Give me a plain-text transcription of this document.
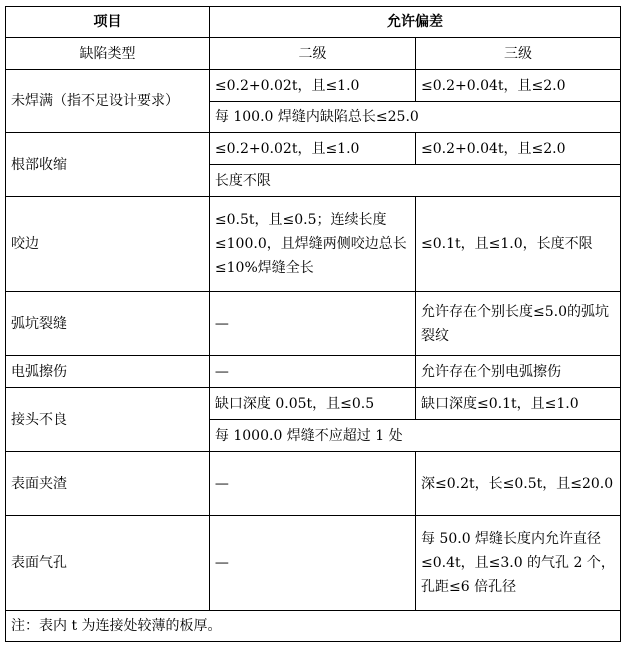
项目	允许偏差	
缺陷类型	二级	三级
未焊满（指不足设计要求）	≤0.2+0.02t，且≤1.0	≤0.2+0.04t，且≤2.0
	每 100.0 焊缝内缺陷总长≤25.0	
根部收缩	≤0.2+0.02t，且≤1.0	≤0.2+0.04t，且≤2.0
	长度不限	
咬边	≤0.5t，且≤0.5；连续长度≤100.0，且焊缝两侧咬边总长≤10%焊缝全长	≤0.1t，且≤1.0，长度不限
弧坑裂缝	—	允许存在个别长度≤5.0的弧坑裂纹
电弧擦伤	—	允许存在个别电弧擦伤
接头不良	缺口深度 0.05t，且≤0.5	缺口深度≤0.1t，且≤1.0
	每 1000.0 焊缝不应超过 1 处	
表面夹渣	—	深≤0.2t，长≤0.5t，且≤20.0
表面气孔	—	每 50.0 焊缝长度内允许直径≤0.4t，且≤3.0 的气孔 2 个，孔距≤6 倍孔径
注：表内 t 为连接处较薄的板厚。		
